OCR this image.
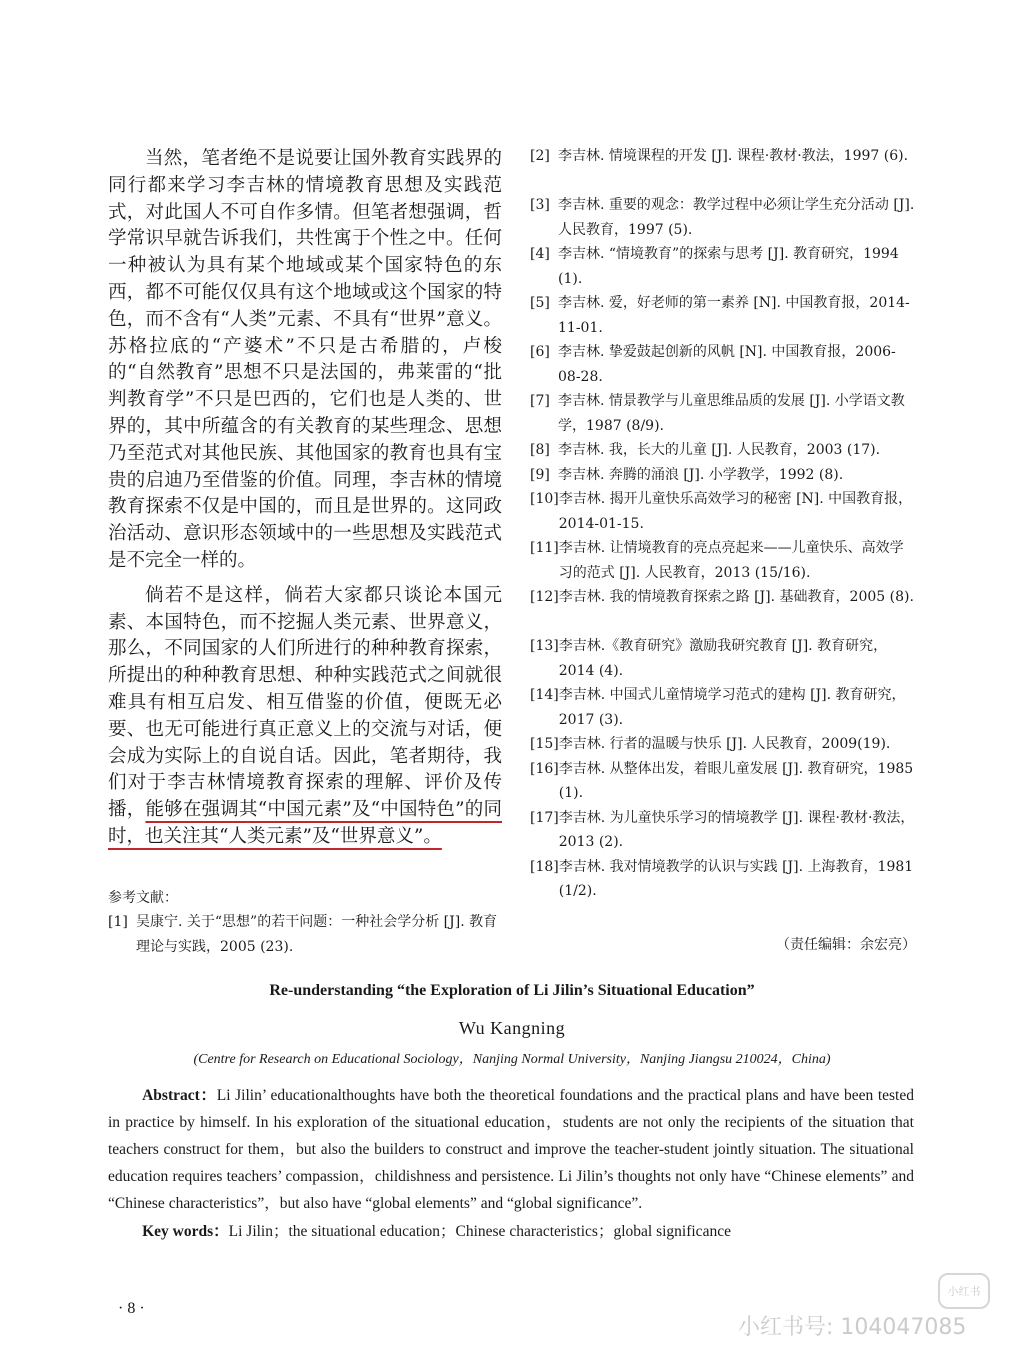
当然，笔者绝不是说要让国外教育实践界的同行都来学习李吉林的情境教育思想及实践范式，对此国人不可自作多情。但笔者想强调，哲学常识早就告诉我们，共性寓于个性之中。任何一种被认为具有某个地域或某个国家特色的东西，都不可能仅仅具有这个地域或这个国家的特色，而不含有“人类”元素、不具有“世界”意义。苏格拉底的“产婆术”不只是古希腊的，卢梭的“自然教育”思想不只是法国的，弗莱雷的“批判教育学”不只是巴西的，它们也是人类的、世界的，其中所蕴含的有关教育的某些理念、思想乃至范式对其他民族、其他国家的教育也具有宝贵的启迪乃至借鉴的价值。同理，李吉林的情境教育探索不仅是中国的，而且是世界的。这同政治活动、意识形态领域中的一些思想及实践范式是不完全一样的。

倘若不是这样，倘若大家都只谈论本国元素、本国特色，而不挖掘人类元素、世界意义，那么，不同国家的人们所进行的种种教育探索，所提出的种种教育思想、种种实践范式之间就很难具有相互启发、相互借鉴的价值，便既无必要、也无可能进行真正意义上的交流与对话，便会成为实际上的自说自话。因此，笔者期待，我们对于李吉林情境教育探索的理解、评价及传播，能够在强调其“中国元素”及“中国特色”的同时，也关注其“人类元素”及“世界意义”。

参考文献：
[1] 吴康宁. 关于“思想”的若干问题：一种社会学分析 [J]. 教育理论与实践，2005 (23).
[2] 李吉林. 情境课程的开发 [J]. 课程·教材·教法，1997 (6).
[3] 李吉林. 重要的观念：教学过程中必须让学生充分活动 [J]. 人民教育，1997 (5).
[4] 李吉林. “情境教育”的探索与思考 [J]. 教育研究，1994 (1).
[5] 李吉林. 爱，好老师的第一素养 [N]. 中国教育报，2014-11-01.
[6] 李吉林. 挚爱鼓起创新的风帆 [N]. 中国教育报，2006-08-28.
[7] 李吉林. 情景教学与儿童思维品质的发展 [J]. 小学语文教学，1987 (8/9).
[8] 李吉林. 我，长大的儿童 [J]. 人民教育，2003 (17).
[9] 李吉林. 奔腾的涌浪 [J]. 小学教学，1992 (8).
[10] 李吉林. 揭开儿童快乐高效学习的秘密 [N]. 中国教育报，2014-01-15.
[11] 李吉林. 让情境教育的亮点亮起来——儿童快乐、高效学习的范式 [J]. 人民教育，2013 (15/16).
[12] 李吉林. 我的情境教育探索之路 [J]. 基础教育，2005 (8).
[13] 李吉林.《教育研究》激励我研究教育 [J]. 教育研究，2014 (4).
[14] 李吉林. 中国式儿童情境学习范式的建构 [J]. 教育研究，2017 (3).
[15] 李吉林. 行者的温暖与快乐 [J]. 人民教育，2009(19).
[16] 李吉林. 从整体出发，着眼儿童发展 [J]. 教育研究，1985 (1).
[17] 李吉林. 为儿童快乐学习的情境教学 [J]. 课程·教材·教法，2013 (2).
[18] 李吉林. 我对情境教学的认识与实践 [J]. 上海教育，1981 (1/2).
（责任编辑：余宏亮）
Re-understanding “the Exploration of Li Jilin’s Situational Education”
Wu Kangning
(Centre for Research on Educational Sociology，Nanjing Normal University，Nanjing Jiangsu 210024，China)

Abstract：Li Jilin’ educationalthoughts have both the theoretical foundations and the practical plans and have been tested in practice by himself. In his exploration of the situational education，students are not only the recipients of the situation that teachers construct for them，but also the builders to construct and improve the teacher-student jointly situation. The situational education requires teachers’ compassion，childishness and persistence. Li Jilin’s thoughts not only have “Chinese elements” and “Chinese characteristics”，but also have “global elements” and “global significance”.

Key words：Li Jilin；the situational education；Chinese characteristics；global significance

· 8 ·
小红书
小红书号: 104047085
